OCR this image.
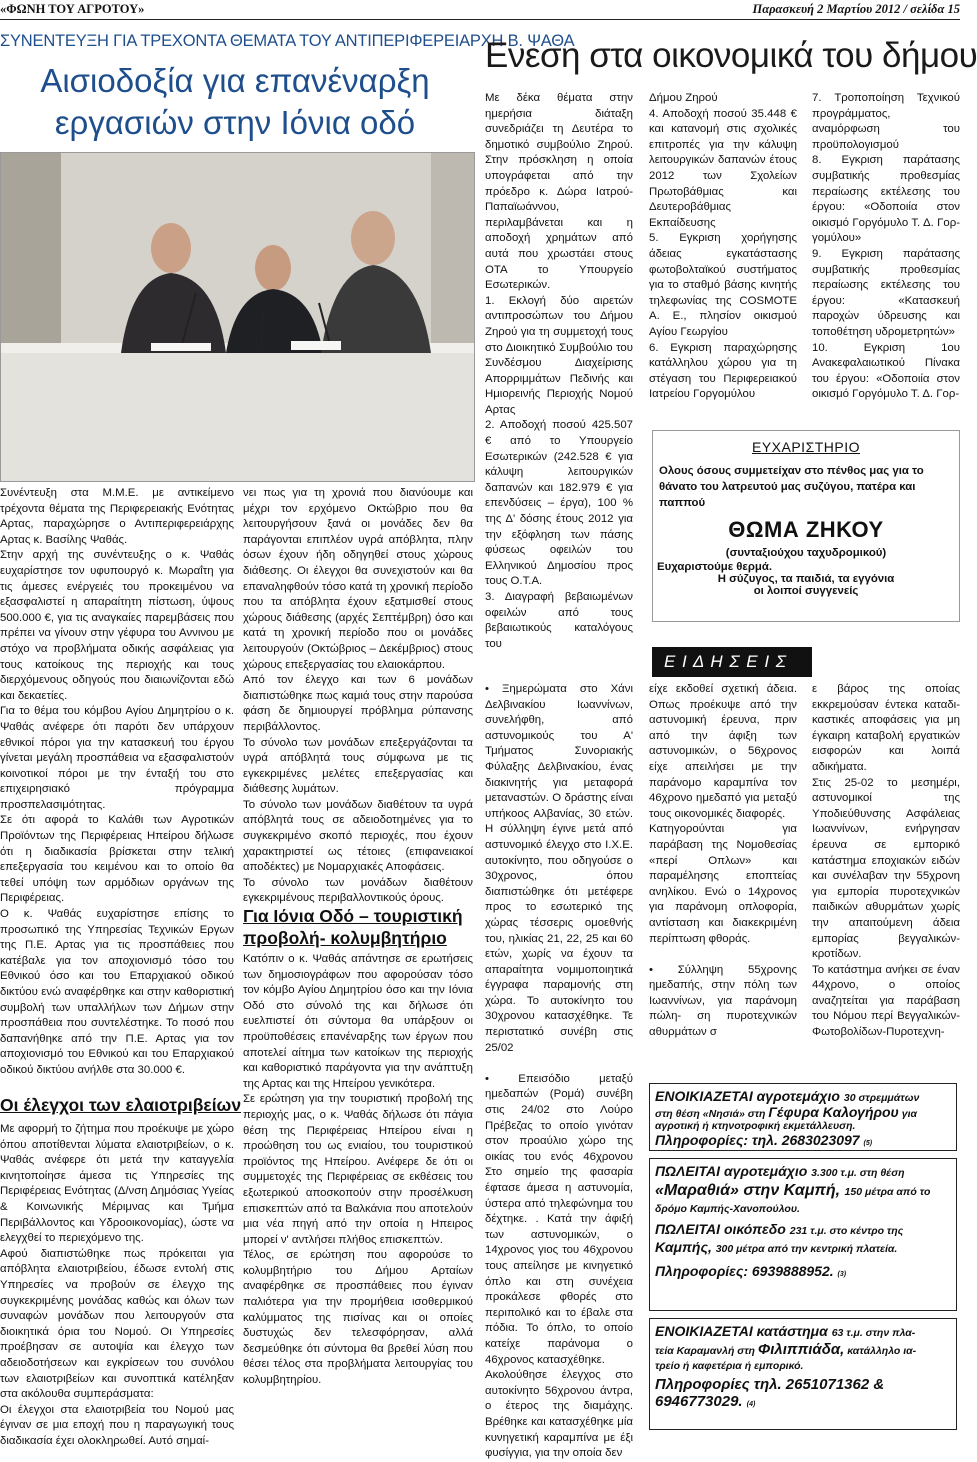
«ΦΩΝΗ ΤΟΥ ΑΓΡΟΤΟΥ»	Παρασκευή 2 Μαρτίου 2012 / σελίδα 15
ΣΥΝΕΝΤΕΥΞΗ ΓΙΑ ΤΡΕΧΟΝΤΑ ΘΕΜΑΤΑ ΤΟΥ ΑΝΤΙΠΕΡΙΦΕΡΕΙΑΡΧΗ Β. ΨΑΘΑ
Αισιοδοξία για επανέναρξη
εργασιών στην Ιόνια οδό
Συνέντευξη στα Μ.Μ.Ε. με αντικείμενο τρέχοντα θέματα της Περιφερειακής Ενότητας Αρτας, παραχώρησε ο Αντιπεριφερειάρχης Αρτας κ. Βασίλης Ψαθάς.
Στην αρχή της συνέντευξης ο κ. Ψαθάς ευχαρίστησε τον υφυπουργό κ. Μωραΐτη για τις άμεσες ενέργειές του προκειμένου να εξασφαλιστεί η απαραίτητη πίστωση, ύψους 500.000 €, για τις αναγκαίες παρεμβάσεις που πρέπει να γίνουν στην γέφυρα του Αννινου με στόχο να προβλήματα οδικής ασφάλειας για τους κατοίκους της περιοχής και τους διερχόμενους οδηγούς που διαιωνίζονται εδώ και δεκαετίες.
Για το θέμα του κόμβου Αγίου Δημητρίου ο κ. Ψαθάς ανέφερε ότι παρότι δεν υπάρχουν εθνικοί πόροι για την κατασκευή του έργου γίνεται μεγάλη προσπάθεια να εξασφαλιστούν κοινοτικοί πόροι με την ένταξή του στο επιχειρησιακό πρόγραμμα προσπελασιμότητας.
Σε ότι αφορά το Καλάθι των Αγροτικών Προϊόντων της Περιφέρειας Ηπείρου δήλωσε ότι η διαδικασία βρίσκεται στην τελική επεξεργασία του κειμένου και το οποίο θα τεθεί υπόψη των αρμόδιων οργάνων της Περιφέρειας.
Ο κ. Ψαθάς ευχαρίστησε επίσης το προσωπικό της Υπηρεσίας Τεχνικών Εργων της Π.Ε. Αρτας για τις προσπάθειες που κατέβαλε για τον αποχιονισμό τόσο του Εθνικού όσο και του Επαρχιακού οδικού δικτύου ενώ αναφέρθηκε και στην καθοριστική συμβολή των υπαλλήλων των Δήμων στην προσπάθεια που συντελέστηκε. Το ποσό που δαπανήθηκε από την Π.Ε. Αρτας για τον αποχιονισμό του Εθνικού και του Επαρχιακού οδικού δικτύου ανήλθε στα 30.000 €.
Οι έλεγχοι των ελαιοτριβείων
Με αφορμή το ζήτημα που προέκυψε με χώρο όπου αποτίθενται λύματα ελαιοτριβείων, ο κ. Ψαθάς ανέφερε ότι μετά την καταγγελία κινητοποίησε άμεσα τις Υπηρεσίες της Περιφέρειας Ενότητας (Δ/νση Δημόσιας Υγείας & Κοινωνικής Μέριμνας και Τμήμα Περιβάλλοντος και Υδροοικονομίας), ώστε να ελεγχθεί το περιεχόμενο της.
Αφού διαπιστώθηκε πως πρόκειται για απόβλητα ελαιοτριβείου, έδωσε εντολή στις Υπηρεσίες να προβούν σε έλεγχο της συγκεκριμένης μονάδας καθώς και όλων των συναφών μονάδων που λειτουργούν στα διοικητικά όρια του Νομού. Οι Υπηρεσίες προέβησαν σε αυτοψία και έλεγχο των αδειοδοτήσεων και εγκρίσεων του συνόλου των ελαιοτριβείων και συνοπτικά κατέληξαν στα ακόλουθα συμπεράσματα:
Οι έλεγχοι στα ελαιοτριβεία του Νομού μας έγιναν σε μια εποχή που η παραγωγική τους διαδικασία έχει ολοκληρωθεί. Αυτό σημαί-
νει πως για τη χρονιά που διανύουμε και μέχρι τον ερχόμενο Οκτώβριο που θα λειτουργήσουν ξανά οι μονάδες δεν θα παράγονται επιπλέον υγρά απόβλητα, πλην όσων έχουν ήδη οδηγηθεί στους χώρους διάθεσης. Οι έλεγχοι θα συνεχιστούν και θα επαναληφθούν τόσο κατά τη χρονική περίοδο που τα απόβλητα έχουν εξατμισθεί στους χώρους διάθεσης (αρχές Σεπτέμβρη) όσο και κατά τη χρονική περίοδο που οι μονάδες λειτουργούν (Οκτώβριος – Δεκέμβριος) στους χώρους επεξεργασίας του ελαιοκάρπου.
Από τον έλεγχο και των 6 μονάδων διαπιστώθηκε πως καμιά τους στην παρούσα φάση δε δημιουργεί πρόβλημα ρύπανσης περιβάλλοντος.
Το σύνολο των μονάδων επεξεργάζονται τα υγρά απόβλητά τους σύμφωνα με τις εγκεκριμένες μελέτες επεξεργασίας και διάθεσης λυμάτων.
Το σύνολο των μονάδων διαθέτουν τα υγρά απόβλητά τους σε αδειοδοτημένες για το συγκεκριμένο σκοπό περιοχές, που έχουν χαρακτηριστεί ως τέτοιες (επιφανειακοί αποδέκτες) με Νομαρχιακές Αποφάσεις.
Το σύνολο των μονάδων διαθέτουν εγκεκριμένους περιβαλλοντικούς όρους.
Για Ιόνια Οδό – τουριστική
προβολή- κολυμβητήριο
Κατόπιν ο κ. Ψαθάς απάντησε σε ερωτήσεις των δημοσιογράφων που αφορούσαν τόσο τον κόμβο Αγίου Δημητρίου όσο και την Ιόνια Οδό στο σύνολό της και δήλωσε ότι ευελπιστεί ότι σύντομα θα υπάρξουν οι προϋποθέσεις επανέναρξης των έργων που αποτελεί αίτημα των κατοίκων της περιοχής και καθοριστικό παράγοντα για την ανάπτυξη της Αρτας και της Ηπείρου γενικότερα.
Σε ερώτηση για την τουριστική προβολή της περιοχής μας, ο κ. Ψαθάς δήλωσε ότι πάγια θέση της Περιφέρειας Ηπείρου είναι η προώθηση του ως ενιαίου, του τουριστικού προϊόντος της Ηπείρου. Ανέφερε δε ότι οι συμμετοχές της Περιφέρειας σε εκθέσεις του εξωτερικού αποσκοπούν στην προσέλκυση επισκεπτών από τα Βαλκάνια που αποτελούν μια νέα πηγή από την οποία η Ηπειρος μπορεί ν' αντλήσει πλήθος επισκεπτών.
Τέλος, σε ερώτηση που αφορούσε το κολυμβητήριο του Δήμου Αρταίων αναφέρθηκε σε προσπάθειες που έγιναν παλιότερα για την προμήθεια ισοθερμικού καλύμματος της πισίνας και οι οποίες δυστυχώς δεν τελεσφόρησαν, αλλά δεσμεύθηκε ότι σύντομα θα βρεθεί λύση που θέσει τέλος στα προβλήματα λειτουργίας του κολυμβητηρίου.
Ενεση στα οικονομικά του δήμου
Με δέκα θέματα στην ημερήσια διάταξη συνεδριάζει τη Δευτέρα το δημοτικό συμβούλιο Ζηρού. Στην πρόσκληση η οποία υπογράφεται από την πρόεδρο κ. Δώρα Ιατρού-Παπαϊωάννου, περιλαμβάνεται και η αποδοχή χρημάτων από αυτά που χρωστάει στους ΟΤΑ το Υπουργείο Εσωτερικών.
1. Εκλογή δύο αιρετών αντιπροσώπων του Δήμου Ζηρού για τη συμμετοχή τους στο Διοικητικό Συμβούλιο του Συνδέσμου Διαχείρισης Απορριμμάτων Πεδινής και Ημιορεινής Περιοχής Νομού Αρτας
2. Αποδοχή ποσού 425.507 € από το Υπουργείο Εσωτερικών (242.528 € για κάλυψη λειτουργικών δαπανών και 182.979 € για επενδύσεις – έργα), 100 % της Δ' δόσης έτους 2012 για την εξόφληση των πάσης φύσεως οφειλών του Ελληνικού Δημοσίου προς τους Ο.Τ.Α.
3. Διαγραφή βεβαιωμένων οφειλών από τους βεβαιωτικούς καταλόγους του
Δήμου Ζηρού
4. Αποδοχή ποσού 35.448 € και κατανομή στις σχολικές επιτροπές για την κάλυψη λειτουργικών δαπανών έτους 2012 των Σχολείων Πρωτοβάθμιας και Δευτεροβάθμιας Εκπαίδευσης
5. Εγκριση χορήγησης άδειας εγκατάστασης φωτοβολταϊκού συστήματος για το σταθμό βάσης κινητής τηλεφωνίας της COSMOTE Α. Ε., πλησίον οικισμού Αγίου Γεωργίου
6. Εγκριση παραχώρησης κατάλληλου χώρου για τη στέγαση του Περιφερειακού Ιατρείου Γοργομύλου
7. Τροποποίηση Τεχνικού προγράμματος, αναμόρφωση του προϋπολογισμού
8. Εγκριση παράτασης συμβατικής προθεσμίας περαίωσης εκτέλεσης του έργου: «Οδοποιία στον οικισμό Γοργόμυλο Τ. Δ. Γορ-γομύλου»
9. Εγκριση παράτασης συμβατικής προθεσμίας περαίωσης εκτέλεσης του έργου: «Κατασκευή παροχών ύδρευσης και τοποθέτηση υδρομετρητών»
10. Εγκριση 1ου Ανακεφαλαιωτικού Πίνακα του έργου: «Οδοποιία στον οικισμό Γοργόμυλο Τ. Δ. Γορ-
ΕΥΧΑΡΙΣΤΗΡΙΟ
Ολους όσους συμμετείχαν στο πένθος μας για το θάνατο του λατρευτού μας συζύγου, πατέρα και παππού
ΘΩΜΑ ΖΗΚΟΥ
(συνταξιούχου ταχυδρομικού)
Ευχαριστούμε θερμά.
Η σύζυγος, τα παιδιά, τα εγγόνια
οι λοιποί συγγενείς
Ε Ι Δ Η Σ Ε Ι Σ
• Ξημερώματα στο Χάνι Δελβινακίου Ιωαννίνων, συνελήφθη, από αστυνομικούς του Α' Τμήματος Συνοριακής Φύλαξης Δελβινακίου, ένας διακινητής για μεταφορά μεταναστών. Ο δράστης είναι υπήκοος Αλβανίας, 30 ετών. Η σύλληψη έγινε μετά από αστυνομικό έλεγχο στο Ι.Χ.Ε. αυτοκίνητο, που οδηγούσε ο 30χρονος, όπου διαπιστώθηκε ότι μετέφερε προς το εσωτερικό της χώρας τέσσερις ομοεθνής του, ηλικίας 21, 22, 25 και 60 ετών, χωρίς να έχουν τα απαραίτητα νομιμοποιητικά έγγραφα παραμονής στη χώρα. Το αυτοκίνητο του 30χρονου κατασχέθηκε. Τε περιστατικό συνέβη στις 25/02

• Επεισόδιο μεταξύ ημεδαπών (Ρομά) συνέβη στις 24/02 στο Λούρο Πρέβεζας το οποίο γινόταν στον προαύλιο χώρο της οικίας του ενός 46χρονου Στο σημείο της φασαρία έφτασε άμεσα η αστυνομία, ύστερα από τηλεφώνημα του δέχτηκε. . Κατά την άφιξή των αστυνομικών, ο 14χρονος γιος του 46χρονου τους απείλησε με κινηγετικό όπλο και στη συνέχεια προκάλεσε φθορές στο περιπολικό και το έβαλε στα πόδια. Το όπλο, το οποίο κατείχε παράνομα ο 46χρονος κατασχέθηκε.
Ακολούθησε έλεγχος στο αυτοκίνητο 56χρονου άντρα, ο έτερος της διαμάχης. Βρέθηκε και κατασχέθηκε μία κυνηγετική καραμπίνα με έξι φυσίγγια, για την οποία δεν
είχε εκδοθεί σχετική άδεια. Οπως προέκυψε από την αστυνομική έρευνα, πριν από την άφιξη των αστυνομικών, ο 56χρονος είχε απειλήσει με την παράνομο καραμπίνα τον 46χρονο ημεδαπό για μεταξύ τους οικονομικές διαφορές.
Κατηγορούνται για παράβαση της Νομοθεσίας «περί Οπλων» και παραμέλησης εποπτείας ανηλίκου. Ενώ ο 14χρονος για παράνομη οπλοφορία, αντίσταση και διακεκριμένη περίπτωση φθοράς.

• Σύλληψη 55χρονης ημεδαπής, στην πόλη των Ιωαννίνων, για παράνομη πώλη- ση πυροτεχνικών αθυρμάτων σ
ε βάρος της οποίας εκκρεμούσαν έντεκα καταδι- καστικές αποφάσεις για μη έγκαιρη καταβολή εργατικών εισφορών και λοιπά αδικήματα.
Στις 25-02 το μεσημέρι, αστυνομικοί της Υποδιεύθυνσης Ασφάλειας Ιωαννίνων, ενήργησαν έρευνα σε εμπορικό κατάστημα εποχιακών ειδών και συνέλαβαν την 55χρονη για εμπορία πυροτεχνικών παιδικών αθυρμάτων χωρίς την απαιτούμενη άδεια εμπορίας βεγγαλικών-κροτίδων.
Το κατάστημα ανήκει σε έναν 44χρονο, ο οποίος αναζητείται για παράβαση του Νόμου περί Βεγγαλικών-Φωτοβολίδων-Πυροτεχνη-
ΕΝΟΙΚΙΑΖΕΤΑΙ αγροτεμάχιο 30 στρεμμάτων
στη θέση «Νησιά» στη Γέφυρα Καλογήρου για
αγροτική ή κτηνοτροφική εκμετάλλευση.
Πληροφορίες: τηλ. 2683023097 (5)
ΠΩΛΕΙΤΑΙ αγροτεμάχιο 3.300 τ.μ. στη θέση
«Μαραθιά» στην Καμπή, 150 μέτρα από το
δρόμο Καμπής-Χανοπούλου.
ΠΩΛΕΙΤΑΙ οικόπεδο 231 τ.μ. στο κέντρο της
Καμπής, 300 μέτρα από την κεντρική πλατεία.
Πληροφορίες: 6939888952. (3)
ΕΝΟΙΚΙΑΖΕΤΑΙ κατάστημα 63 τ.μ. στην πλα-
τεία Καραμανλή στη Φιλιππιάδα, κατάλληλο ια-
τρείο ή καφετέρια ή εμπορικό.
Πληροφορίες τηλ. 2651071362 &
6946773029. (4)
